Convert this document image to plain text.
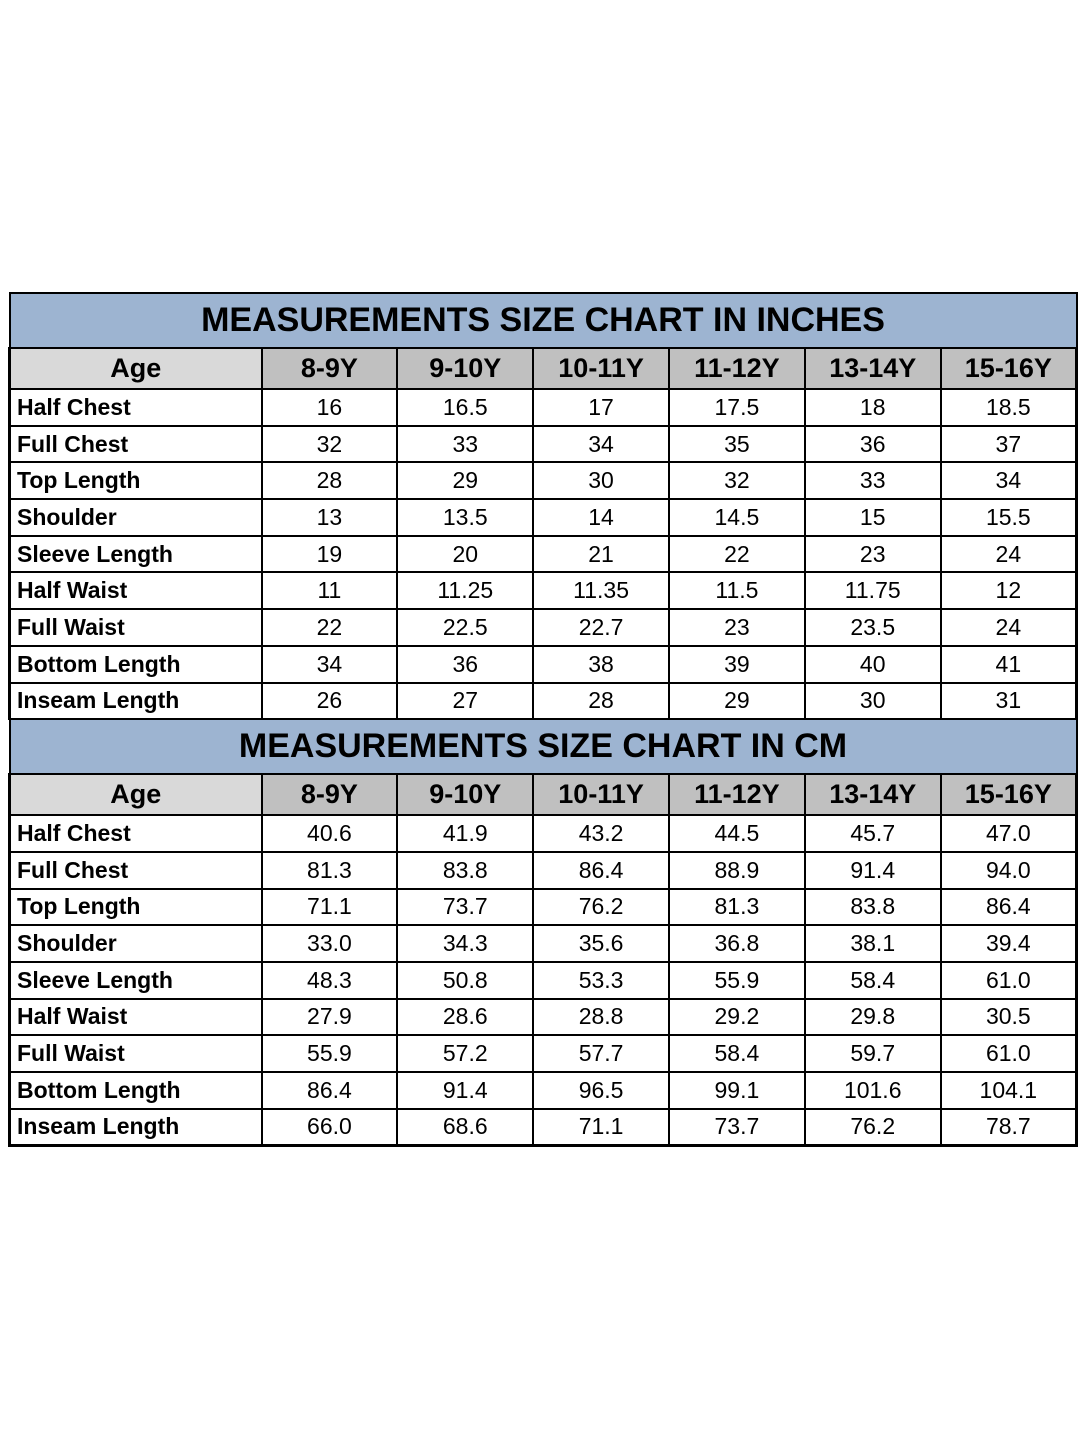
MEASUREMENTS SIZE CHART IN INCHES						
Age	8-9Y	9-10Y	10-11Y	11-12Y	13-14Y	15-16Y
Half Chest	16	16.5	17	17.5	18	18.5
Full Chest	32	33	34	35	36	37
Top Length	28	29	30	32	33	34
Shoulder	13	13.5	14	14.5	15	15.5
Sleeve Length	19	20	21	22	23	24
Half Waist	11	11.25	11.35	11.5	11.75	12
Full Waist	22	22.5	22.7	23	23.5	24
Bottom Length	34	36	38	39	40	41
Inseam Length	26	27	28	29	30	31
MEASUREMENTS SIZE CHART IN CM						
Age	8-9Y	9-10Y	10-11Y	11-12Y	13-14Y	15-16Y
Half Chest	40.6	41.9	43.2	44.5	45.7	47.0
Full Chest	81.3	83.8	86.4	88.9	91.4	94.0
Top Length	71.1	73.7	76.2	81.3	83.8	86.4
Shoulder	33.0	34.3	35.6	36.8	38.1	39.4
Sleeve Length	48.3	50.8	53.3	55.9	58.4	61.0
Half Waist	27.9	28.6	28.8	29.2	29.8	30.5
Full Waist	55.9	57.2	57.7	58.4	59.7	61.0
Bottom Length	86.4	91.4	96.5	99.1	101.6	104.1
Inseam Length	66.0	68.6	71.1	73.7	76.2	78.7
